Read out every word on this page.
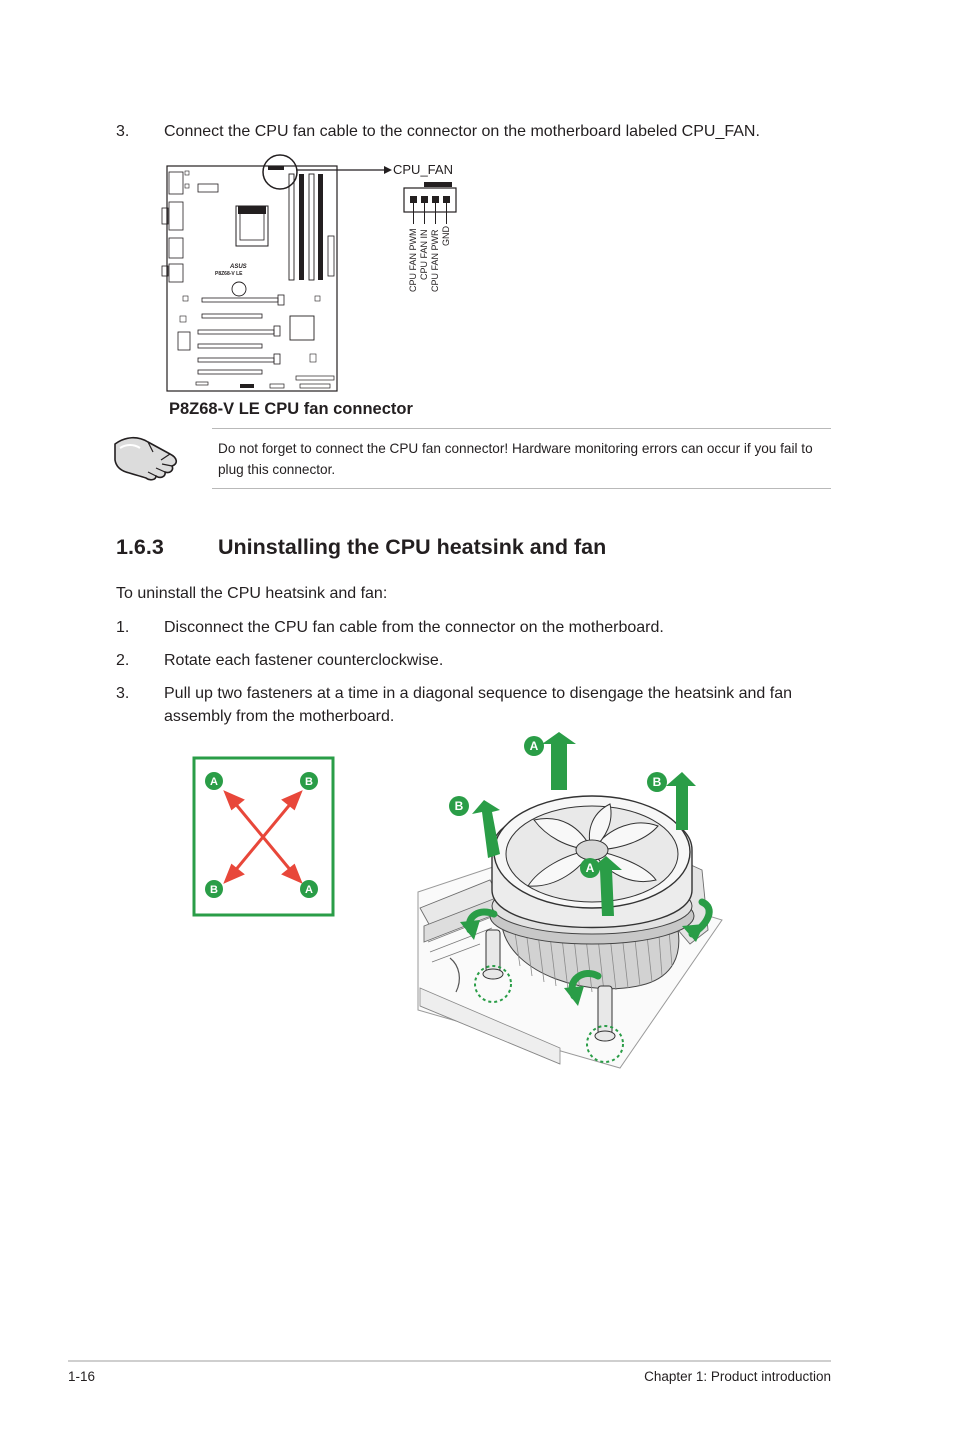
3. Connect the CPU fan cable to the connector on the motherboard labeled CPU_FAN.
ASUS
P8Z68-V LE
CPU_FAN
CPU FAN PWM CPU FAN IN CPU FAN PWR GND
P8Z68-V LE CPU fan connector
Do not forget to connect the CPU fan connector! Hardware monitoring errors can occur if you fail to plug this connector.
1.6.3	Uninstalling the CPU heatsink and fan
To uninstall the CPU heatsink and fan:
1. Disconnect the CPU fan cable from the connector on the motherboard.
2. Rotate each fastener counterclockwise.
3. Pull up two fasteners at a time in a diagonal sequence to disengage the heatsink and fan assembly from the motherboard.
A	B
B	A
A
B
B
A
1-16	Chapter 1: Product introduction
